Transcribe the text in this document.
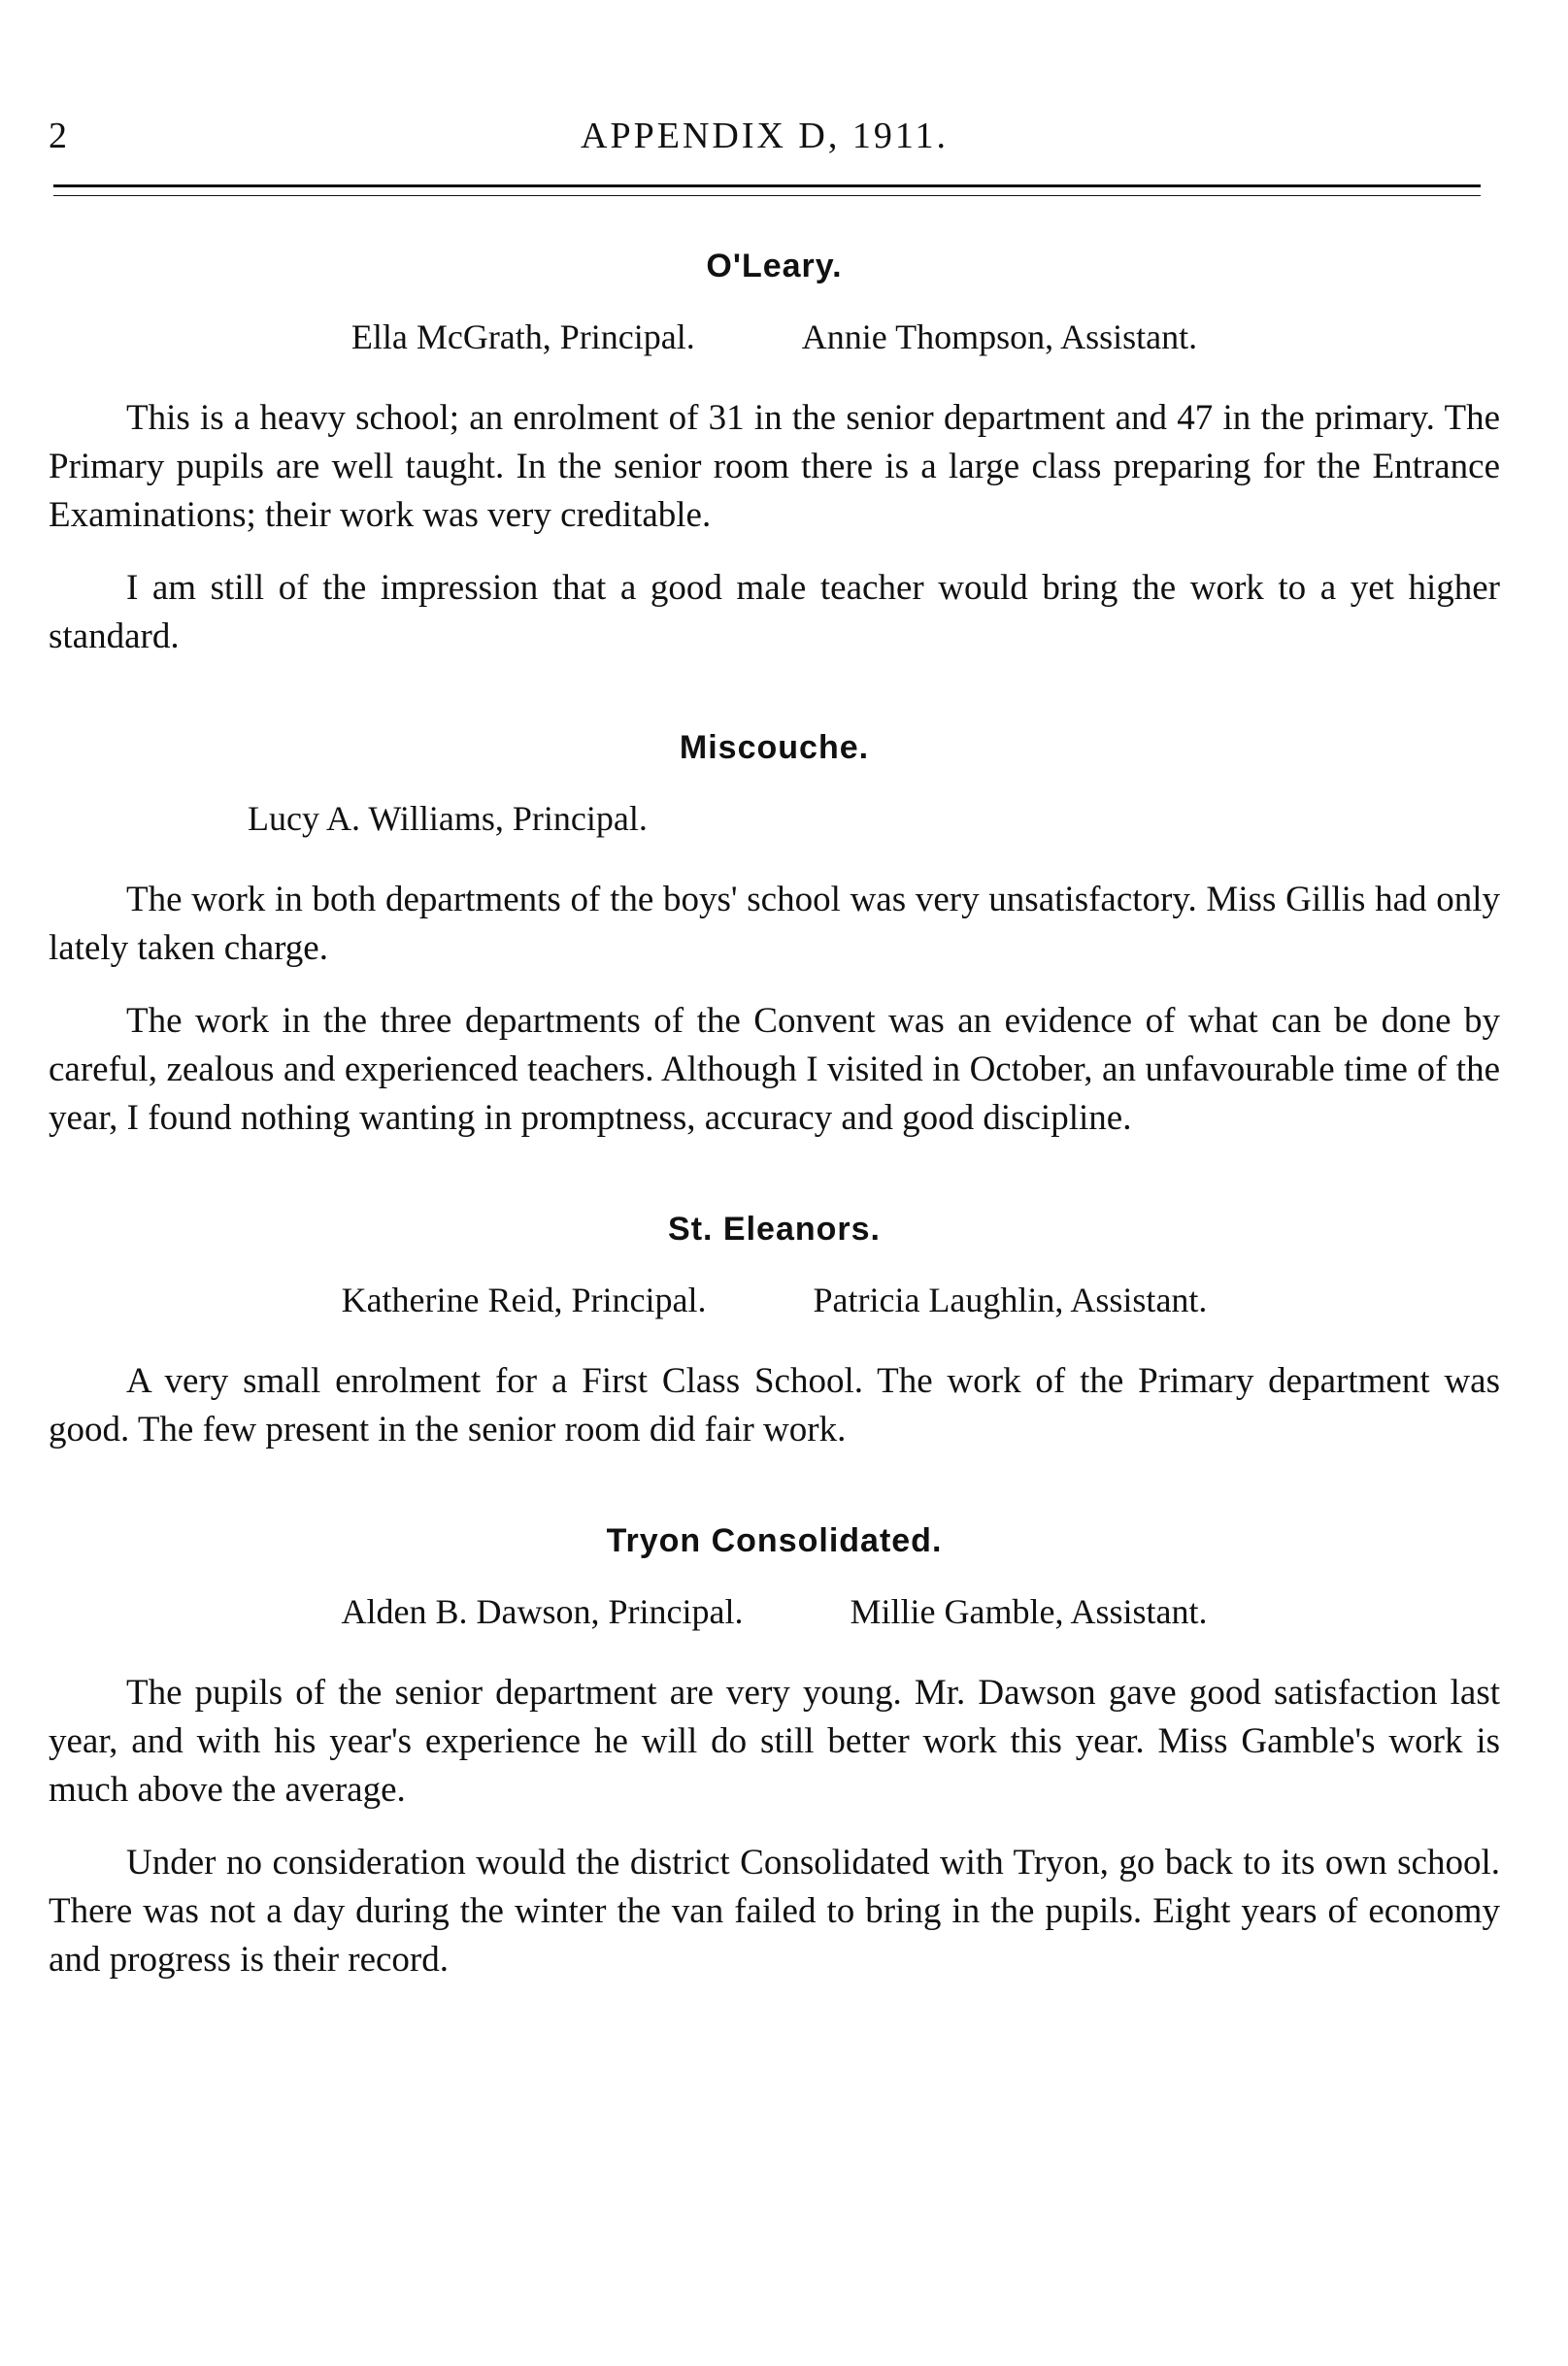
2	APPENDIX D, 1911.
O'Leary.
Ella McGrath, Principal.	Annie Thompson, Assistant.

This is a heavy school; an enrolment of 31 in the senior department and 47 in the primary. The Primary pupils are well taught. In the senior room there is a large class preparing for the Entrance Examinations; their work was very creditable.

I am still of the impression that a good male teacher would bring the work to a yet higher standard.

Miscouche.
Lucy A. Williams, Principal.

The work in both departments of the boys' school was very unsatisfactory. Miss Gillis had only lately taken charge.

The work in the three departments of the Convent was an evidence of what can be done by careful, zealous and experienced teachers. Although I visited in October, an unfavourable time of the year, I found nothing wanting in promptness, accuracy and good discipline.

St. Eleanors.
Katherine Reid, Principal.	Patricia Laughlin, Assistant.

A very small enrolment for a First Class School. The work of the Primary department was good. The few present in the senior room did fair work.

Tryon Consolidated.
Alden B. Dawson, Principal.	Millie Gamble, Assistant.

The pupils of the senior department are very young. Mr. Dawson gave good satisfaction last year, and with his year's experience he will do still better work this year. Miss Gamble's work is much above the average.

Under no consideration would the district Consolidated with Tryon, go back to its own school. There was not a day during the winter the van failed to bring in the pupils. Eight years of economy and progress is their record.
